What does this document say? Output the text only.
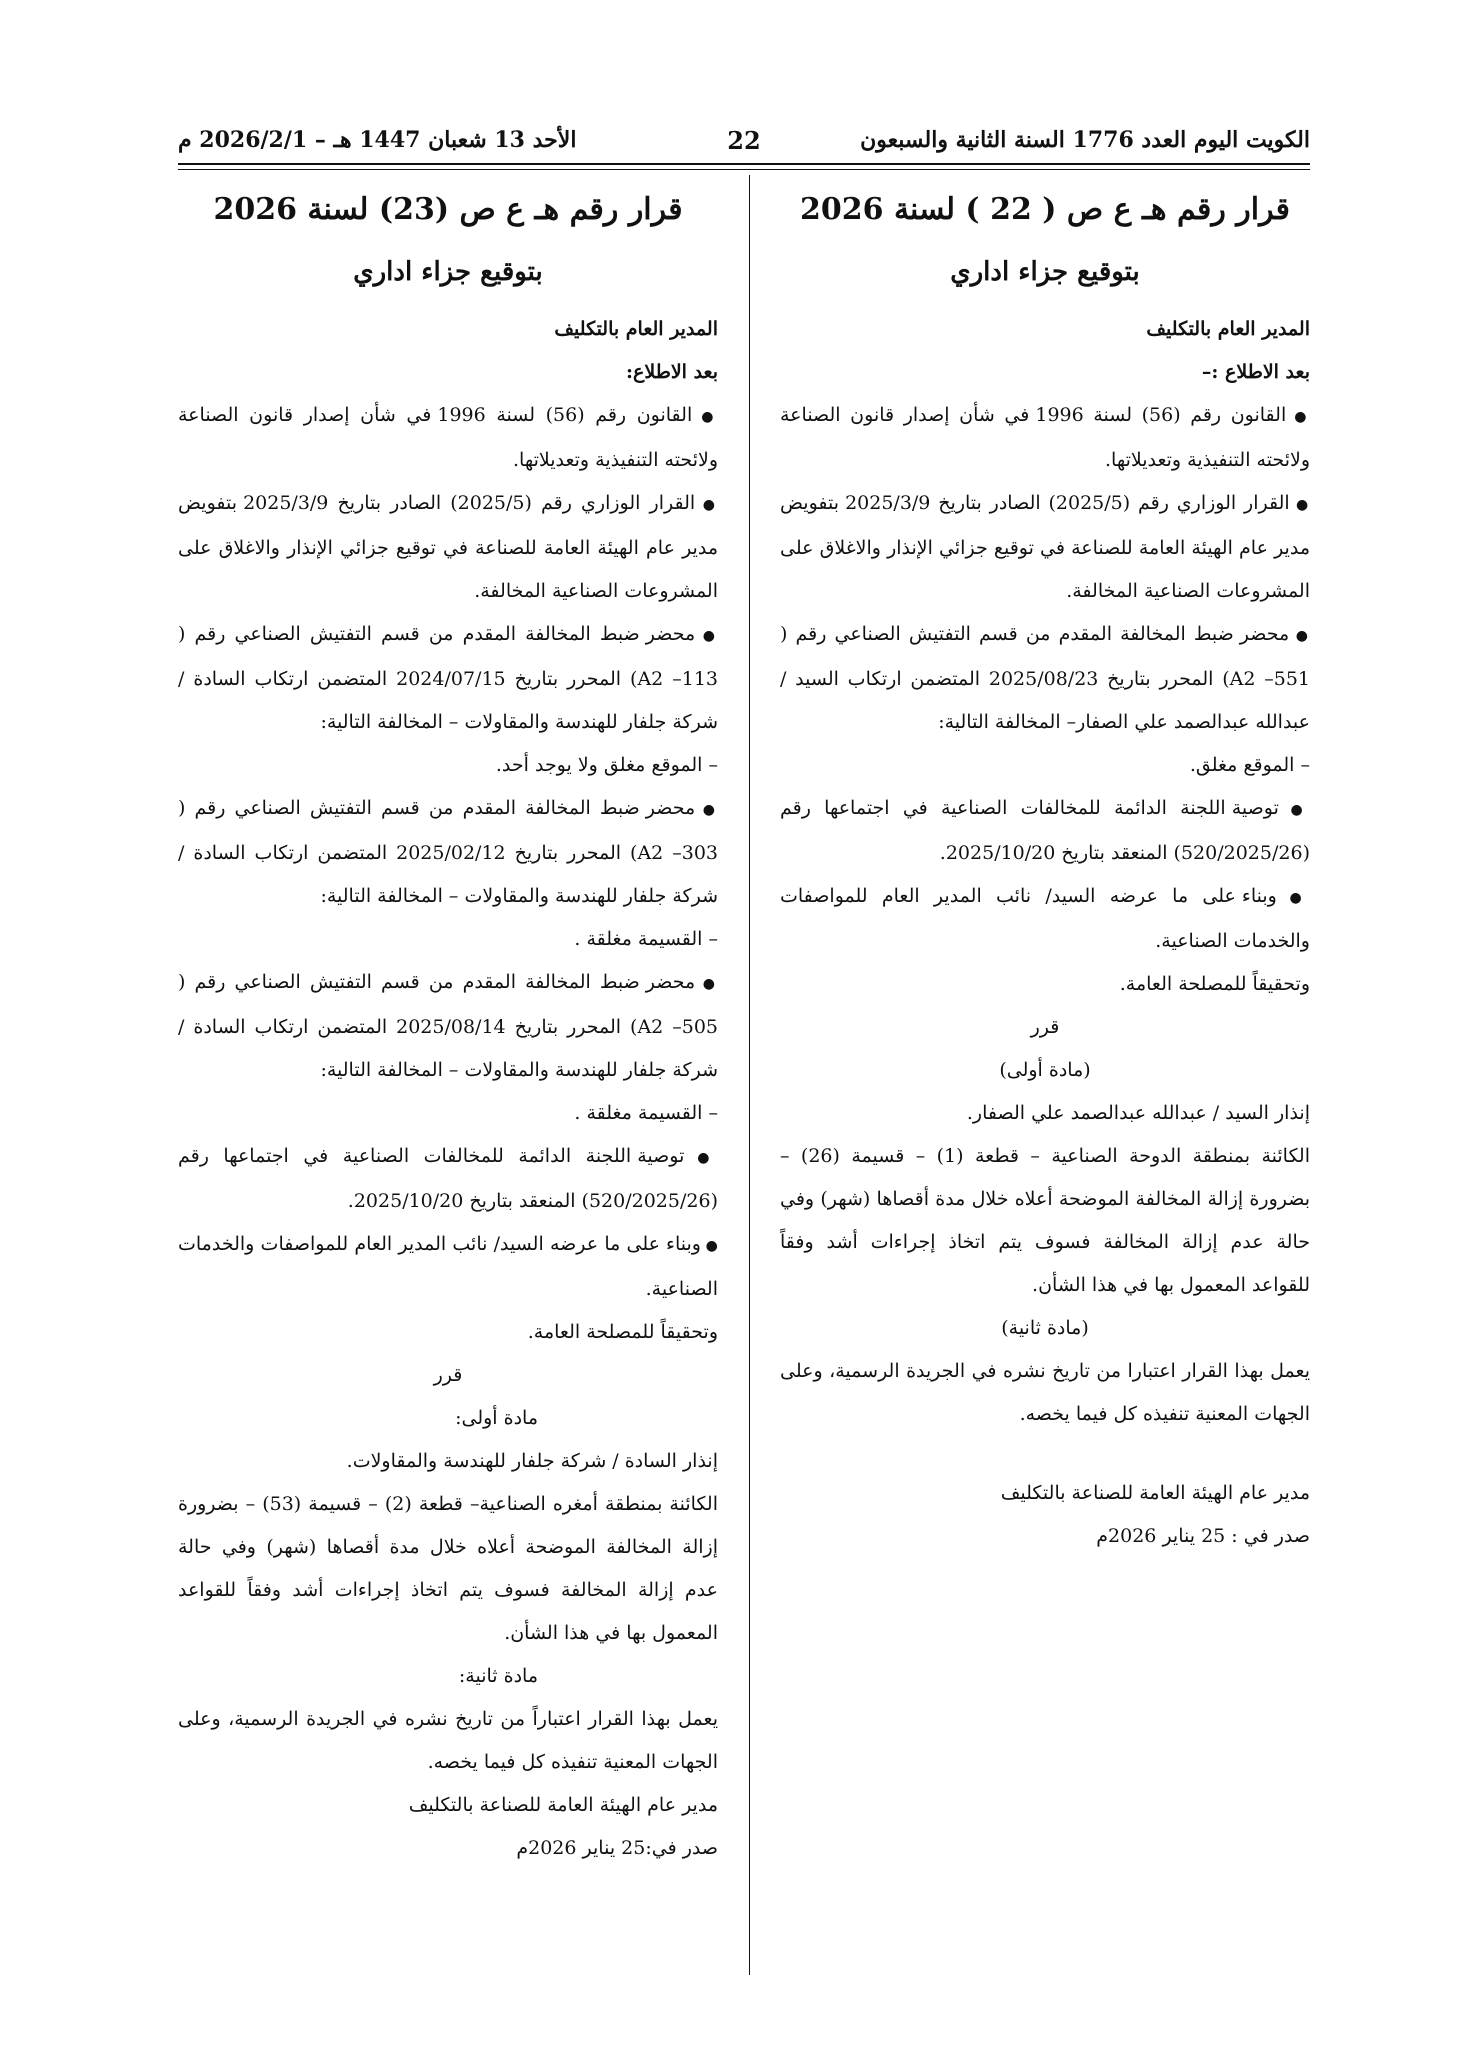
الكويت اليوم العدد 1776 السنة الثانية والسبعون
22
الأحد 13 شعبان 1447 هـ – 2026/2/1 م

قرار رقم هـ ع ص ( 22 ) لسنة 2026

بتوقيع جزاء اداري

المدير العام بالتكليف

بعد الاطلاع :–

● القانون رقم (56) لسنة 1996 في شأن إصدار قانون الصناعة ولائحته التنفيذية وتعديلاتها.

● القرار الوزاري رقم (2025/5) الصادر بتاريخ 2025/3/9 بتفويض مدير عام الهيئة العامة للصناعة في توقيع جزائي الإنذار والاغلاق على المشروعات الصناعية المخالفة.

● محضر ضبط المخالفة المقدم من قسم التفتيش الصناعي رقم ( A2 –551) المحرر بتاريخ 2025/08/23 المتضمن ارتكاب السيد / عبدالله عبدالصمد علي الصفار– المخالفة التالية:

– الموقع مغلق.

● توصية اللجنة الدائمة للمخالفات الصناعية في اجتماعها رقم (520/2025/26) المنعقد بتاريخ 2025/10/20.

● وبناء على ما عرضه السيد/ نائب المدير العام للمواصفات والخدمات الصناعية.

وتحقيقاً للمصلحة العامة.

قرر

(مادة أولى)

إنذار السيد / عبدالله عبدالصمد علي الصفار.

الكائنة بمنطقة الدوحة الصناعية – قطعة (1) – قسيمة (26) – بضرورة إزالة المخالفة الموضحة أعلاه خلال مدة أقصاها (شهر) وفي حالة عدم إزالة المخالفة فسوف يتم اتخاذ إجراءات أشد وفقاً للقواعد المعمول بها في هذا الشأن.

(مادة ثانية)

يعمل بهذا القرار اعتبارا من تاريخ نشره في الجريدة الرسمية، وعلى الجهات المعنية تنفيذه كل فيما يخصه.

مدير عام الهيئة العامة للصناعة بالتكليف

صدر في : 25 يناير 2026م

قرار رقم هـ ع ص (23) لسنة 2026

بتوقيع جزاء اداري

المدير العام بالتكليف

بعد الاطلاع:

● القانون رقم (56) لسنة 1996 في شأن إصدار قانون الصناعة ولائحته التنفيذية وتعديلاتها.

● القرار الوزاري رقم (2025/5) الصادر بتاريخ 2025/3/9 بتفويض مدير عام الهيئة العامة للصناعة في توقيع جزائي الإنذار والاغلاق على المشروعات الصناعية المخالفة.

● محضر ضبط المخالفة المقدم من قسم التفتيش الصناعي رقم ( A2 –113) المحرر بتاريخ 2024/07/15 المتضمن ارتكاب السادة / شركة جلفار للهندسة والمقاولات – المخالفة التالية:

– الموقع مغلق ولا يوجد أحد.

● محضر ضبط المخالفة المقدم من قسم التفتيش الصناعي رقم ( A2 –303) المحرر بتاريخ 2025/02/12 المتضمن ارتكاب السادة / شركة جلفار للهندسة والمقاولات – المخالفة التالية:

– القسيمة مغلقة .

● محضر ضبط المخالفة المقدم من قسم التفتيش الصناعي رقم ( A2 –505) المحرر بتاريخ 2025/08/14 المتضمن ارتكاب السادة / شركة جلفار للهندسة والمقاولات – المخالفة التالية:

– القسيمة مغلقة .

● توصية اللجنة الدائمة للمخالفات الصناعية في اجتماعها رقم (520/2025/26) المنعقد بتاريخ 2025/10/20.

● وبناء على ما عرضه السيد/ نائب المدير العام للمواصفات والخدمات الصناعية.

وتحقيقاً للمصلحة العامة.

قرر

مادة أولى:

إنذار السادة / شركة جلفار للهندسة والمقاولات.

الكائنة بمنطقة أمغره الصناعية– قطعة (2) – قسيمة (53) – بضرورة إزالة المخالفة الموضحة أعلاه خلال مدة أقصاها (شهر) وفي حالة عدم إزالة المخالفة فسوف يتم اتخاذ إجراءات أشد وفقاً للقواعد المعمول بها في هذا الشأن.

مادة ثانية:

يعمل بهذا القرار اعتباراً من تاريخ نشره في الجريدة الرسمية، وعلى الجهات المعنية تنفيذه كل فيما يخصه.

مدير عام الهيئة العامة للصناعة بالتكليف

صدر في:25 يناير 2026م
